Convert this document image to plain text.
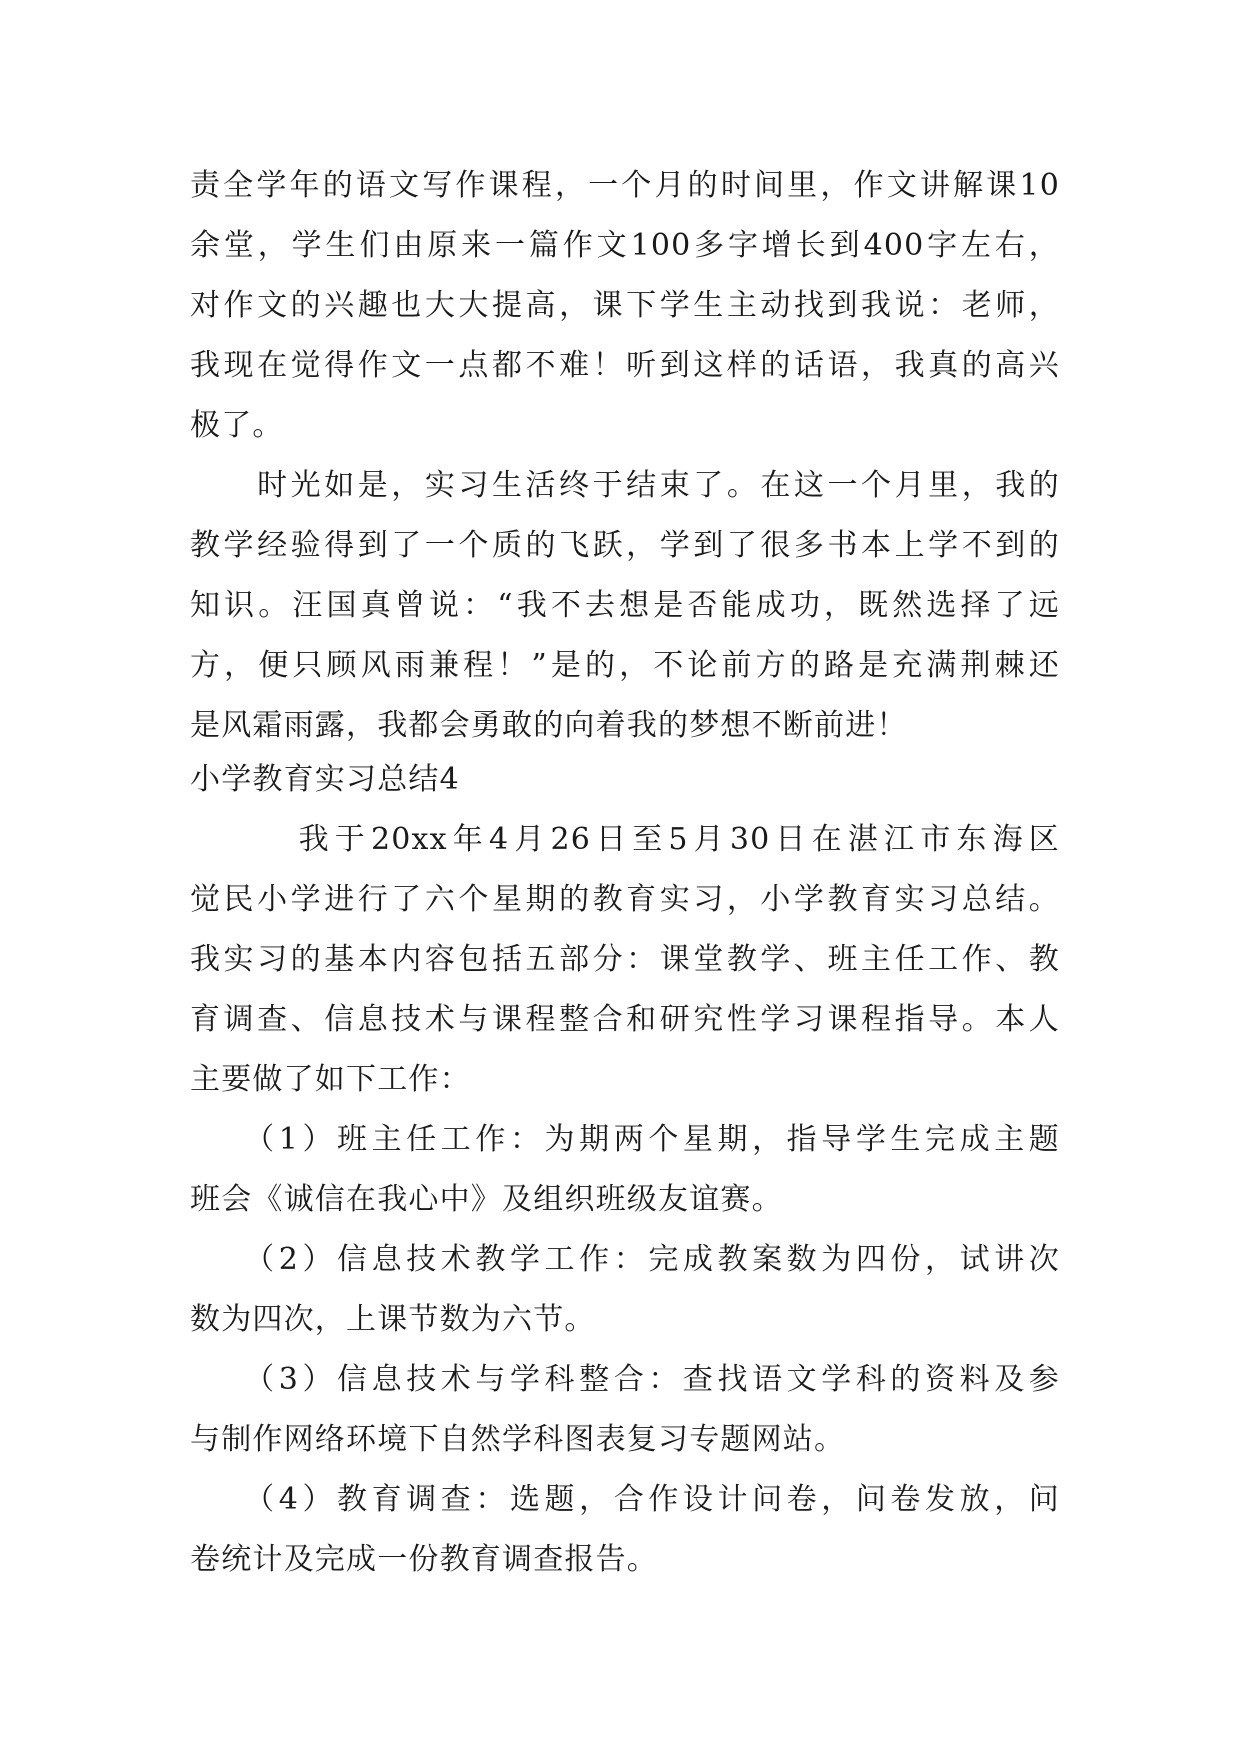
责全学年的语文写作课程，一个月的时间里，作文讲解课10
余堂，学生们由原来一篇作文100多字增长到400字左右，
对作文的兴趣也大大提高，课下学生主动找到我说：老师，
我现在觉得作文一点都不难！听到这样的话语，我真的高兴
极了。
　　时光如是，实习生活终于结束了。在这一个月里，我的
教学经验得到了一个质的飞跃，学到了很多书本上学不到的
知识。汪国真曾说：“我不去想是否能成功，既然选择了远
方，便只顾风雨兼程！”是的，不论前方的路是充满荆棘还
是风霜雨露，我都会勇敢的向着我的梦想不断前进！
小学教育实习总结4
　　　我于20xx年4月26日至5月30日在湛江市东海区
觉民小学进行了六个星期的教育实习，小学教育实习总结。
我实习的基本内容包括五部分：课堂教学、班主任工作、教
育调查、信息技术与课程整合和研究性学习课程指导。本人
主要做了如下工作：
　　（1）班主任工作：为期两个星期，指导学生完成主题
班会《诚信在我心中》及组织班级友谊赛。
　　（2）信息技术教学工作：完成教案数为四份，试讲次
数为四次，上课节数为六节。
　　（3）信息技术与学科整合：查找语文学科的资料及参
与制作网络环境下自然学科图表复习专题网站。
　　（4）教育调查：选题，合作设计问卷，问卷发放，问
卷统计及完成一份教育调查报告。
